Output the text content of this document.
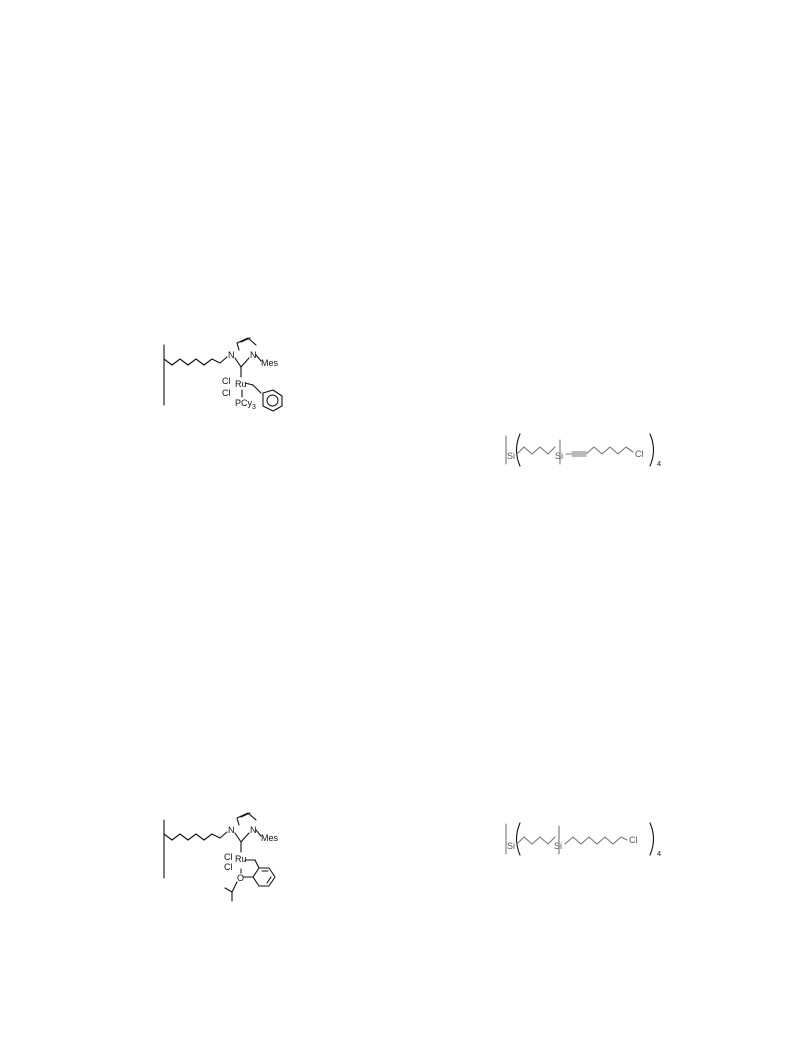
N N
Mes
Cl
Cl
Ru
PCy 3
Si	Si	Cl
4
N N
Mes
Cl
Cl
Ru
O
Si	Si
Cl
4
